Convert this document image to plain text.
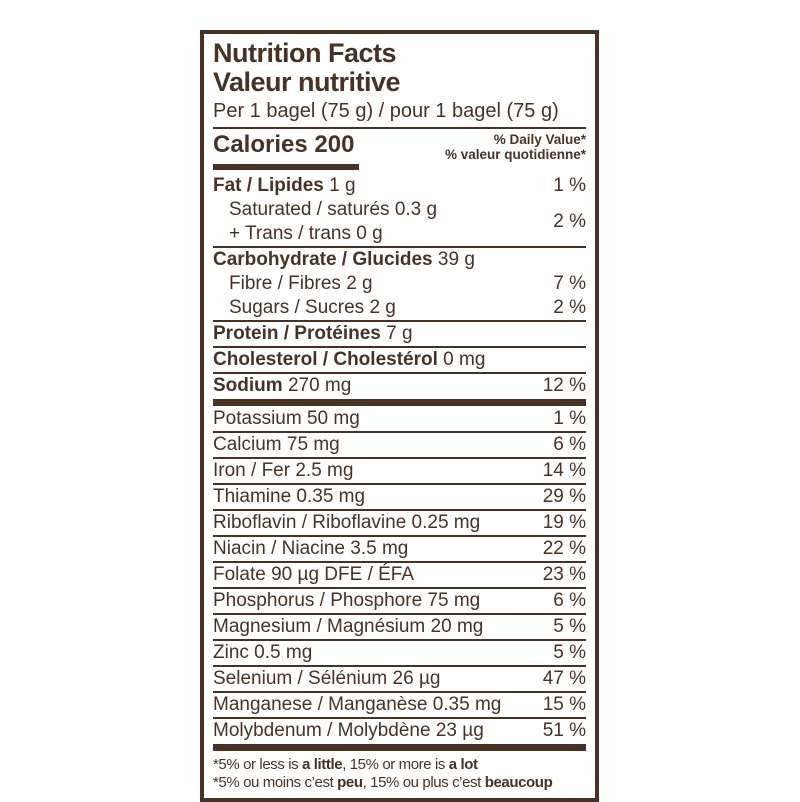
Nutrition Facts
Valeur nutritive
Per 1 bagel (75 g) / pour 1 bagel (75 g)
Calories 200	% Daily Value*
% valeur quotidienne*
Fat / Lipides 1 g	1 %
Saturated / saturés 0.3 g
+ Trans / trans 0 g
2 %
Carbohydrate / Glucides 39 g
Fibre / Fibres 2 g	7 %
Sugars / Sucres 2 g	2 %
Protein / Protéines 7 g
Cholesterol / Cholestérol 0 mg
Sodium 270 mg	12 %
Potassium 50 mg	1 %
Calcium 75 mg	6 %
Iron / Fer 2.5 mg	14 %
Thiamine 0.35 mg	29 %
Riboflavin / Riboflavine 0.25 mg	19 %
Niacin / Niacine 3.5 mg	22 %
Folate 90 µg DFE / ÉFA	23 %
Phosphorus / Phosphore 75 mg	6 %
Magnesium / Magnésium 20 mg	5 %
Zinc 0.5 mg	5 %
Selenium / Sélénium 26 µg	47 %
Manganese / Manganèse 0.35 mg 15 %
Molybdenum / Molybdène 23 µg	51 %
*5% or less is a little, 15% or more is a lot
*5% ou moins c’est peu, 15% ou plus c’est beaucoup
